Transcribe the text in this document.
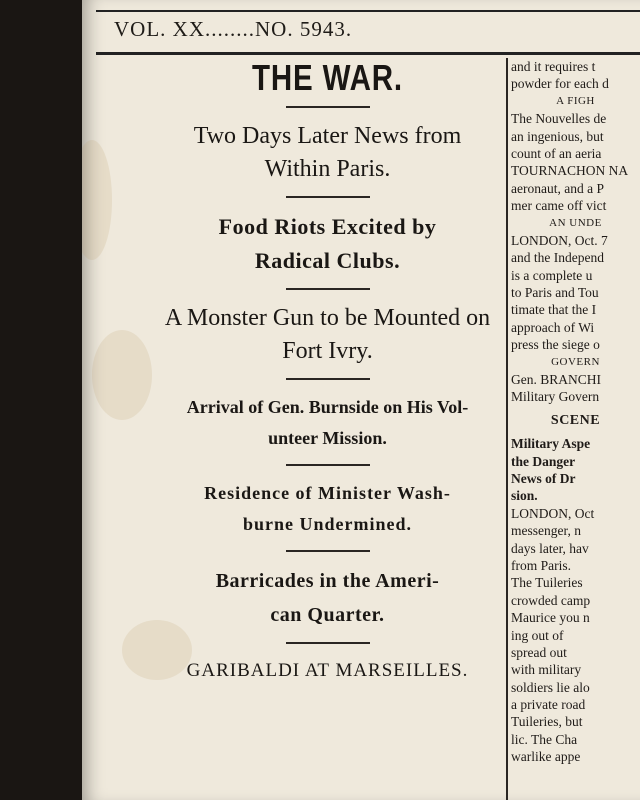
VOL. XX........NO. 5943.
THE WAR.
Two Days Later News from
Within Paris.
Food Riots Excited by
Radical Clubs.
A Monster Gun to be Mounted on
Fort Ivry.
Arrival of Gen. Burnside on His Vol-
unteer Mission.
Residence of Minister Wash-
burne Undermined.
Barricades in the Ameri-
can Quarter.
GARIBALDI AT MARSEILLES.
and it requires t
powder for each d
A FIGH
The Nouvelles de
an ingenious, but
count of an aeria
TOURNACHON NA
aeronaut, and a P
mer came off vict
AN UNDE
LONDON, Oct. 7
and the Independ
is a complete u
to Paris and Tou
timate that the I
approach of Wi
press the siege o
GOVERN
Gen. BRANCHI
Military Govern
SCENE
Military Aspe
the Danger
News of Dr
sion.
LONDON, Oct
messenger, n
days later, hav
from Paris.
The Tuileries
crowded camp
Maurice you n
ing out of
spread out
with military
soldiers lie alo
a private road
Tuileries, but
lic. The Cha
warlike appe
